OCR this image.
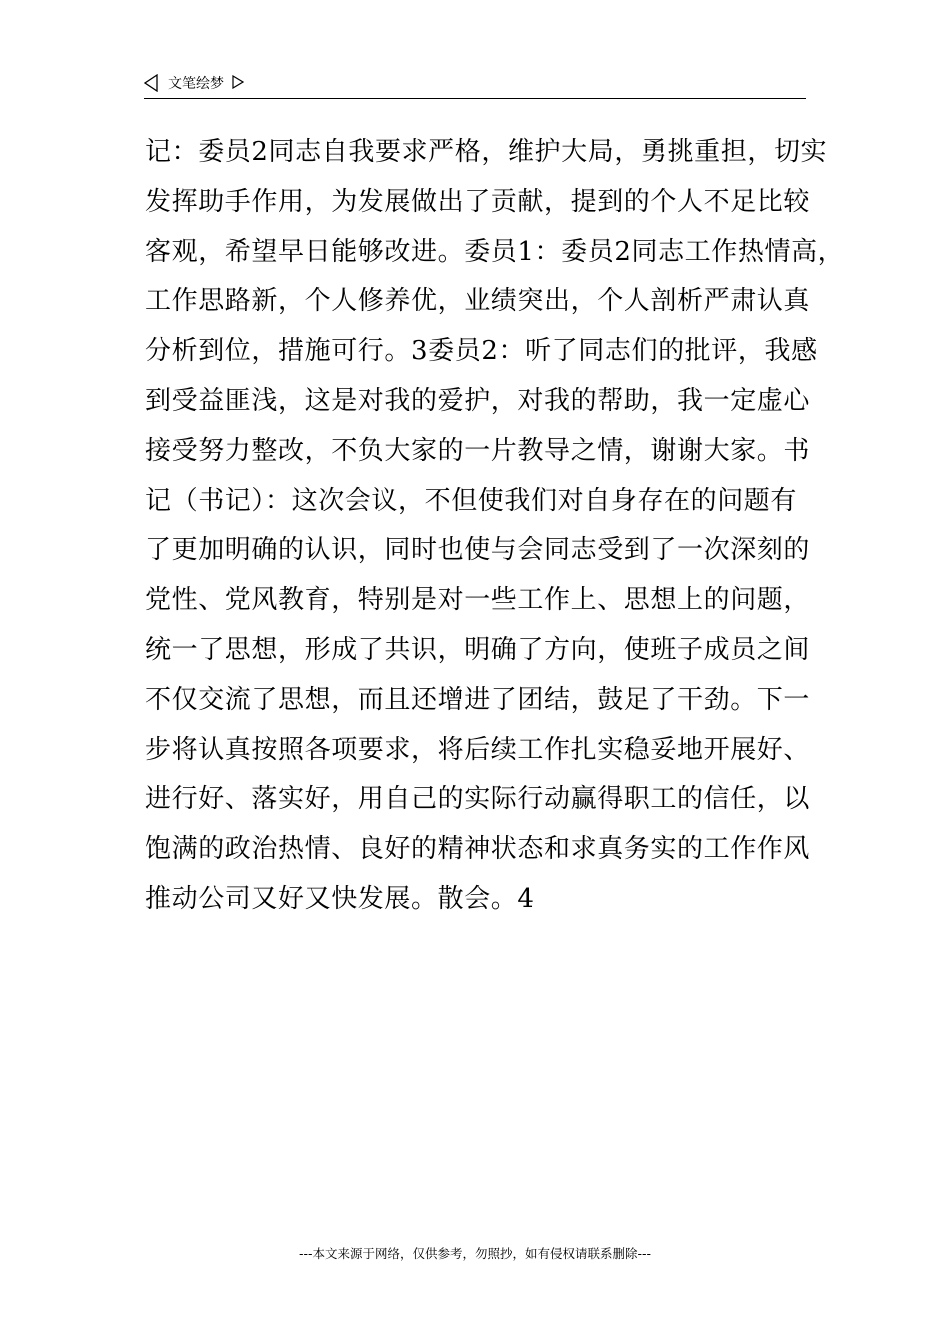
文笔绘梦
记：委员2同志自我要求严格，维护大局，勇挑重担，切实
发挥助手作用，为发展做出了贡献，提到的个人不足比较
客观，希望早日能够改进。委员1：委员2同志工作热情高，
工作思路新，个人修养优，业绩突出，个人剖析严肃认真
分析到位，措施可行。3委员2：听了同志们的批评，我感
到受益匪浅，这是对我的爱护，对我的帮助，我一定虚心
接受努力整改，不负大家的一片教导之情，谢谢大家。书
记（书记）：这次会议，不但使我们对自身存在的问题有
了更加明确的认识，同时也使与会同志受到了一次深刻的
党性、党风教育，特别是对一些工作上、思想上的问题，
统一了思想，形成了共识，明确了方向，使班子成员之间
不仅交流了思想，而且还增进了团结，鼓足了干劲。下一
步将认真按照各项要求，将后续工作扎实稳妥地开展好、
进行好、落实好，用自己的实际行动赢得职工的信任，以
饱满的政治热情、良好的精神状态和求真务实的工作作风
推动公司又好又快发展。散会。4
---本文来源于网络，仅供参考，勿照抄，如有侵权请联系删除---
